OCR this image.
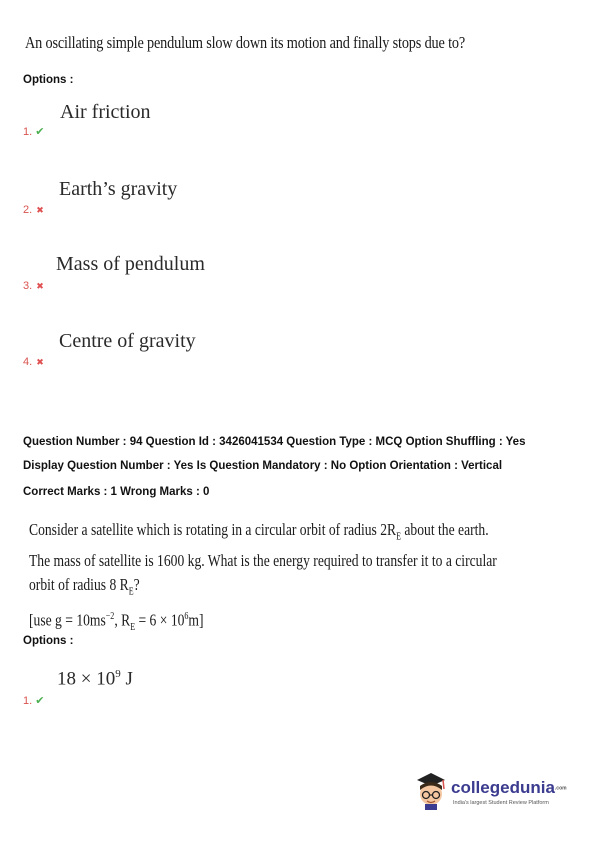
An oscillating simple pendulum slow down its motion and finally stops due to?
Options :
Air friction
1. ✔
Earth’s gravity
2. ✖
Mass of pendulum
3. ✖
Centre of gravity
4. ✖
Question Number : 94 Question Id : 3426041534 Question Type : MCQ Option Shuffling : Yes
Display Question Number : Yes Is Question Mandatory : No Option Orientation : Vertical
Correct Marks : 1 Wrong Marks : 0
Consider a satellite which is rotating in a circular orbit of radius $2R_E$ about the earth.
The mass of satellite is 1600 kg. What is the energy required to transfer it to a circular
orbit of radius 8 $R_E$?
[use $g = 10ms^{-2}$, $R_E = 6 \times 10^6m$]
Options :
$18 \times 10^9$ J
1. ✔
collegedunia.com
India's largest Student Review Platform
